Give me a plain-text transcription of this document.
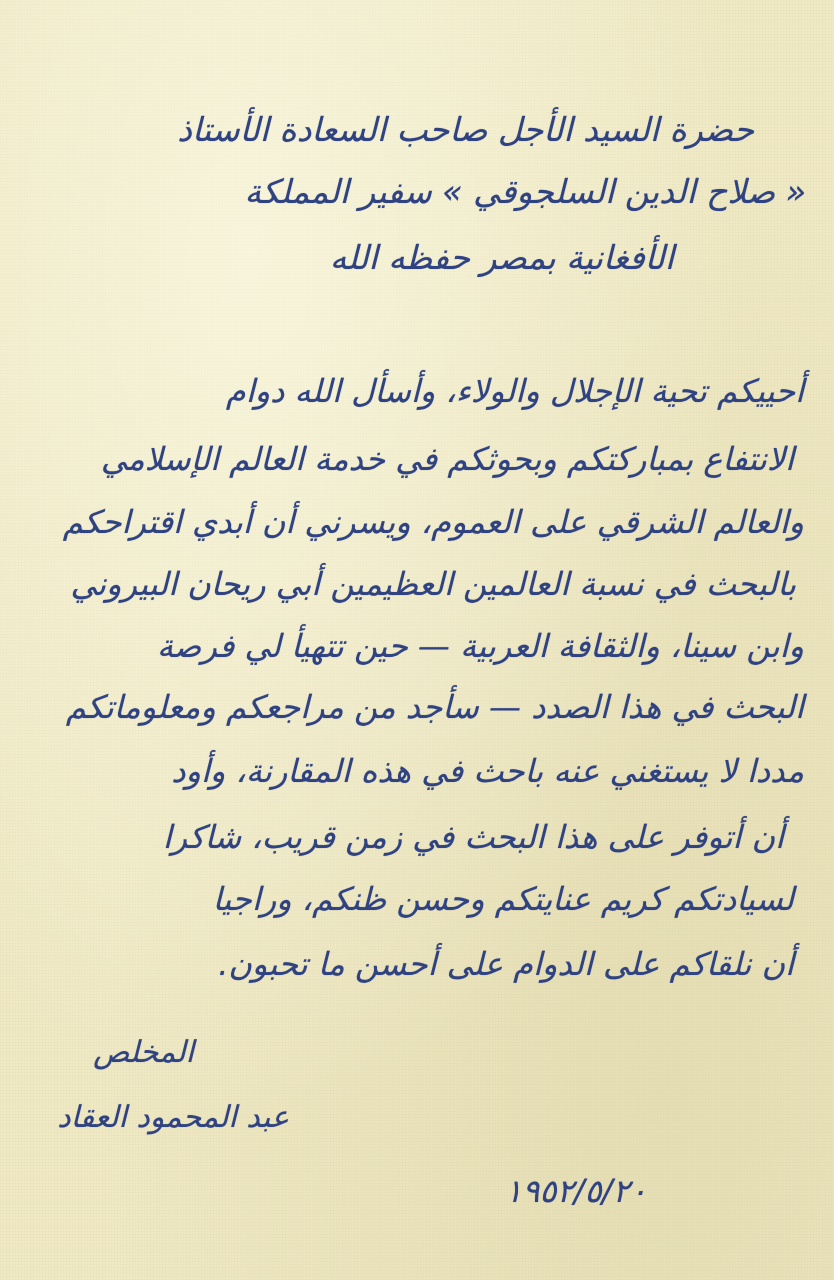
حضرة السيد الأجل صاحب السعادة الأستاذ
« صلاح الدين السلجوقي » سفير المملكة
الأفغانية بمصر حفظه الله
أحييكم تحية الإجلال والولاء، وأسأل الله دوام
الانتفاع بمباركتكم وبحوثكم في خدمة العالم الإسلامي
والعالم الشرقي على العموم، ويسرني أن أبدي اقتراحكم
بالبحث في نسبة العالمين العظيمين أبي ريحان البيروني
وابن سينا، والثقافة العربية — حين تتهيأ لي فرصة
البحث في هذا الصدد — سأجد من مراجعكم ومعلوماتكم
مددا لا يستغني عنه باحث في هذه المقارنة، وأود
أن أتوفر على هذا البحث في زمن قريب، شاكرا
لسيادتكم كريم عنايتكم وحسن ظنكم، وراجيا
أن نلقاكم على الدوام على أحسن ما تحبون.
المخلص
عبد المحمود العقاد
١٩٥٢/٥/٢٠
